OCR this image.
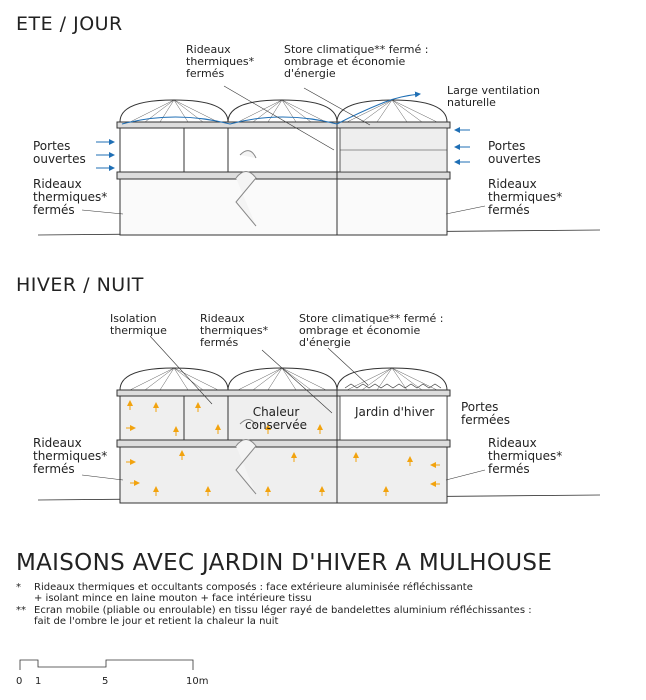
ETE / JOUR
HIVER / NUIT
MAISONS AVEC JARDIN D'HIVER A MULHOUSE
Rideaux
thermiques*
fermés
Store climatique** fermé :
ombrage et économie
d'énergie
Large ventilation
naturelle
Portes
ouvertes
Portes
ouvertes
Rideaux
thermiques*
fermés
Rideaux
thermiques*
fermés
Isolation
thermique
Rideaux
thermiques*
fermés
Store climatique** fermé :
ombrage et économie
d'énergie
Chaleur
conservée
Jardin d'hiver Portes
fermées
Rideaux
thermiques*
fermés
Rideaux
thermiques*
fermés
* Rideaux thermiques et occultants composés : face extérieure aluminisée réfléchissante
+ isolant mince en laine mouton + face intérieure tissu
** Ecran mobile (pliable ou enroulable) en tissu léger rayé de bandelettes aluminium réfléchissantes :
fait de l'ombre le jour et retient la chaleur la nuit
0 1	5	10m
